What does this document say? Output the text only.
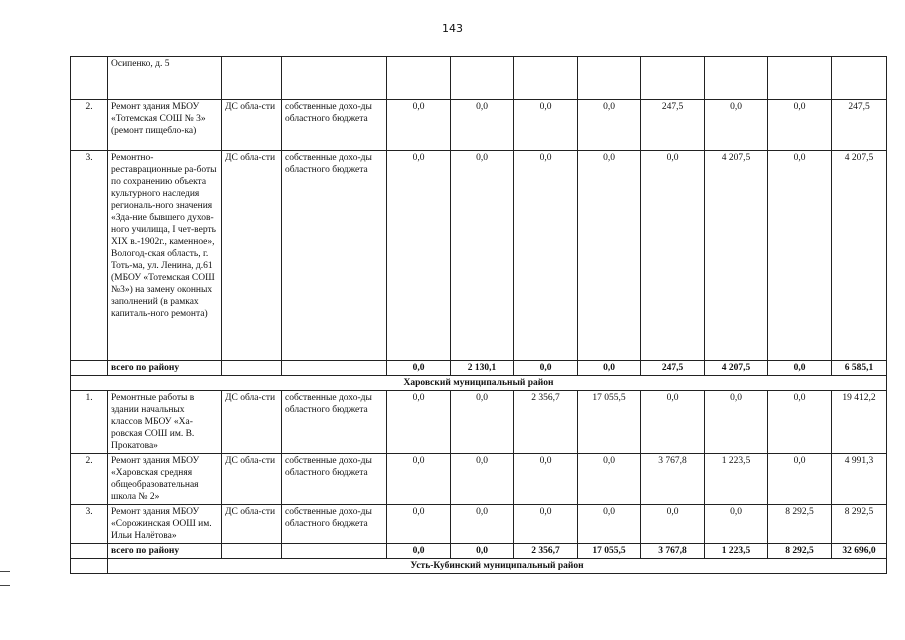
143
	Осипенко, д. 5										
2.	Ремонт здания МБОУ «Тотемская СОШ № 3» (ремонт пищебло-ка)	ДС обла-сти	собственные дохо-ды областного бюджета	0,0	0,0	0,0	0,0	247,5	0,0	0,0	247,5
3.	Ремонтно-реставрационные ра-боты по сохранению объекта культурного наследия региональ-ного значения «Зда-ние бывшего духов-ного училища, I чет-верть XIX в.-1902г., каменное», Вологод-ская область, г. Тоть-ма, ул. Ленина, д.61 (МБОУ «Тотемская СОШ №3») на замену оконных заполнений (в рамках капиталь-ного ремонта)	ДС обла-сти	собственные дохо-ды областного бюджета	0,0	0,0	0,0	0,0	0,0	4 207,5	0,0	4 207,5
	всего по району			0,0	2 130,1	0,0	0,0	247,5	4 207,5	0,0	6 585,1
Харовский муниципальный район											
1.	Ремонтные работы в здании начальных классов МБОУ «Ха-ровская СОШ им. В. Прокатова»	ДС обла-сти	собственные дохо-ды областного бюджета	0,0	0,0	2 356,7	17 055,5	0,0	0,0	0,0	19 412,2
2.	Ремонт здания МБОУ «Харовская средняя общеобразовательная школа № 2»	ДС обла-сти	собственные дохо-ды областного бюджета	0,0	0,0	0,0	0,0	3 767,8	1 223,5	0,0	4 991,3
3.	Ремонт здания МБОУ «Сорожинская ООШ им. Ильи Налётова»	ДС обла-сти	собственные дохо-ды областного бюджета	0,0	0,0	0,0	0,0	0,0	0,0	8 292,5	8 292,5
	всего по району			0,0	0,0	2 356,7	17 055,5	3 767,8	1 223,5	8 292,5	32 696,0
	Усть-Кубинский муниципальный район										
